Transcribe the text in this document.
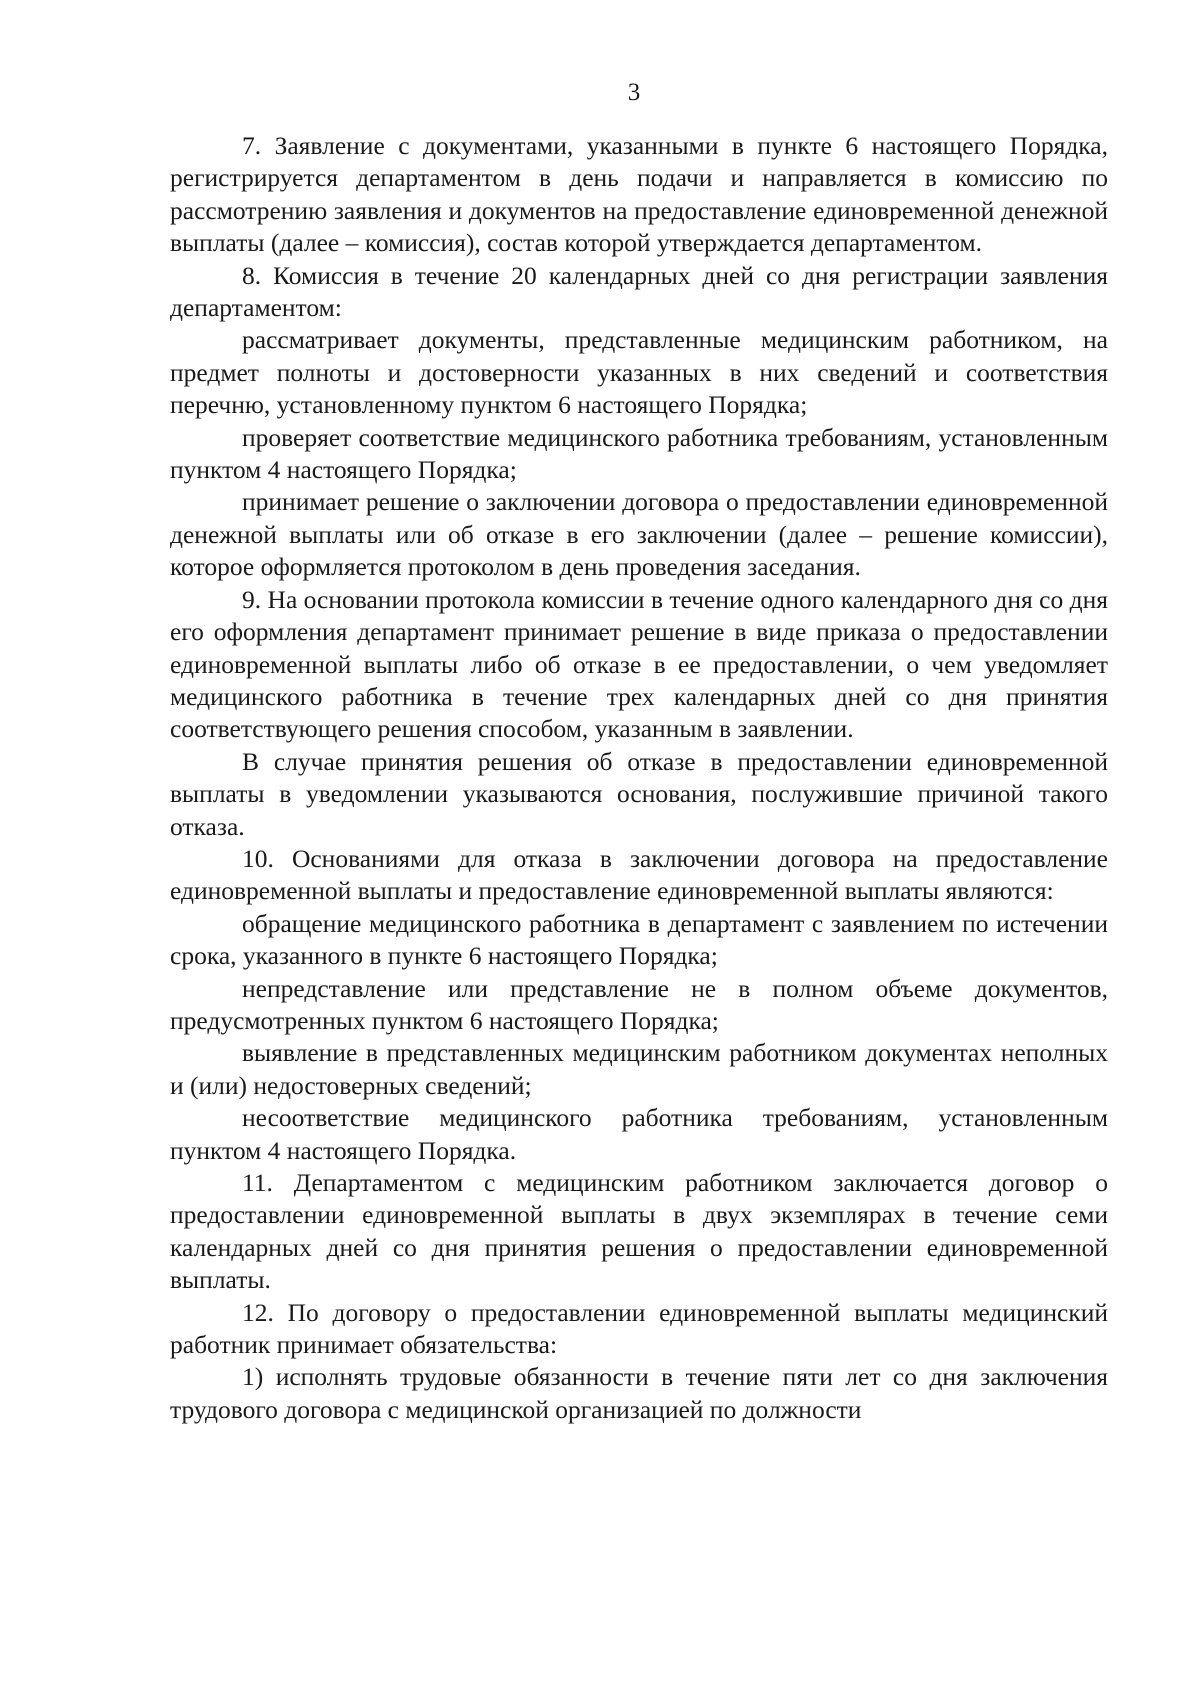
3

7. Заявление с документами, указанными в пункте 6 настоящего Порядка, регистрируется департаментом в день подачи и направляется в комиссию по рассмотрению заявления и документов на предоставление единовременной денежной выплаты (далее – комиссия), состав которой утверждается департаментом.

8. Комиссия в течение 20 календарных дней со дня регистрации заявления департаментом:

рассматривает документы, представленные медицинским работником, на предмет полноты и достоверности указанных в них сведений и соответствия перечню, установленному пунктом 6 настоящего Порядка;

проверяет соответствие медицинского работника требованиям, установленным пунктом 4 настоящего Порядка;

принимает решение о заключении договора о предоставлении единовременной денежной выплаты или об отказе в его заключении (далее – решение комиссии), которое оформляется протоколом в день проведения заседания.

9. На основании протокола комиссии в течение одного календарного дня со дня его оформления департамент принимает решение в виде приказа о предоставлении единовременной выплаты либо об отказе в ее предоставлении, о чем уведомляет медицинского работника в течение трех календарных дней со дня принятия соответствующего решения способом, указанным в заявлении.

В случае принятия решения об отказе в предоставлении единовременной выплаты в уведомлении указываются основания, послужившие причиной такого отказа.

10. Основаниями для отказа в заключении договора на предоставление единовременной выплаты и предоставление единовременной выплаты являются:

обращение медицинского работника в департамент с заявлением по истечении срока, указанного в пункте 6 настоящего Порядка;

непредставление или представление не в полном объеме документов, предусмотренных пунктом 6 настоящего Порядка;

выявление в представленных медицинским работником документах неполных и (или) недостоверных сведений;

несоответствие медицинского работника требованиям, установленным пунктом 4 настоящего Порядка.

11. Департаментом с медицинским работником заключается договор о предоставлении единовременной выплаты в двух экземплярах в течение семи календарных дней со дня принятия решения о предоставлении единовременной выплаты.

12. По договору о предоставлении единовременной выплаты медицинский работник принимает обязательства:

1) исполнять трудовые обязанности в течение пяти лет со дня заключения трудового договора с медицинской организацией по должности
